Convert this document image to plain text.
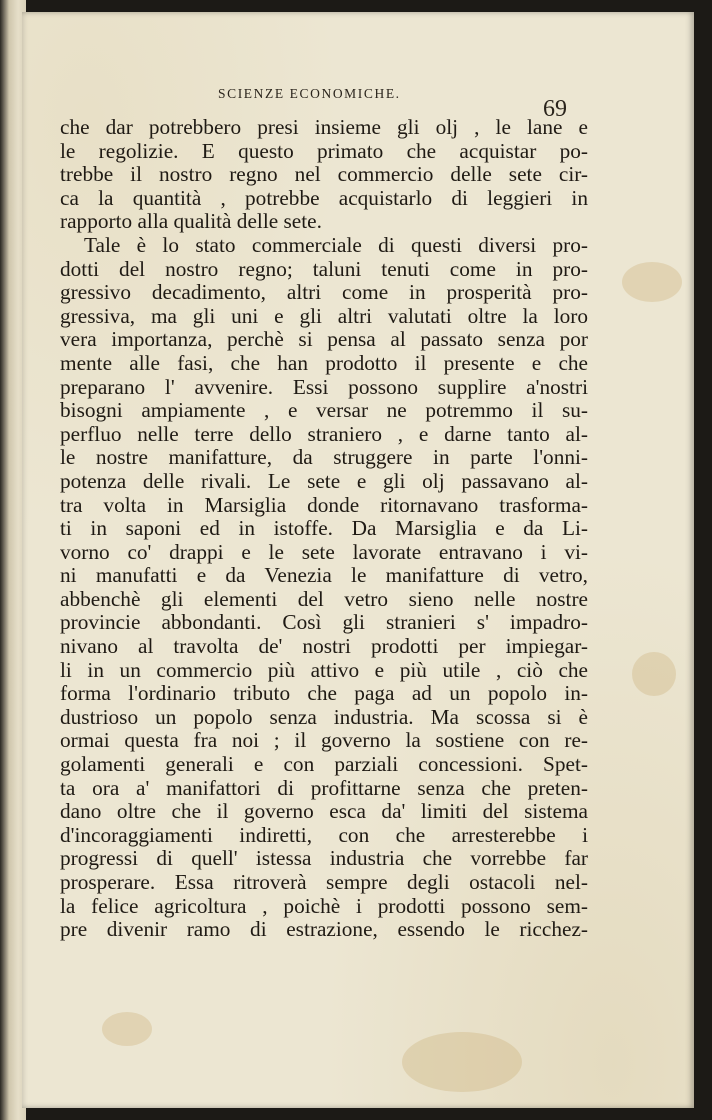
SCIENZE ECONOMICHE.
69
che dar potrebbero presi insieme gli olj , le lane e
le regolizie. E questo primato che acquistar po-
trebbe il nostro regno nel commercio delle sete cir-
ca la quantità , potrebbe acquistarlo di leggieri in
rapporto alla qualità delle sete.
Tale è lo stato commerciale di questi diversi pro-
dotti del nostro regno; taluni tenuti come in pro-
gressivo decadimento, altri come in prosperità pro-
gressiva, ma gli uni e gli altri valutati oltre la loro
vera importanza, perchè si pensa al passato senza por
mente alle fasi, che han prodotto il presente e che
preparano l' avvenire. Essi possono supplire a'nostri
bisogni ampiamente , e versar ne potremmo il su-
perfluo nelle terre dello straniero , e darne tanto al-
le nostre manifatture, da struggere in parte l'onni-
potenza delle rivali. Le sete e gli olj passavano al-
tra volta in Marsiglia donde ritornavano trasforma-
ti in saponi ed in istoffe. Da Marsiglia e da Li-
vorno co' drappi e le sete lavorate entravano i vi-
ni manufatti e da Venezia le manifatture di vetro,
abbenchè gli elementi del vetro sieno nelle nostre
provincie abbondanti. Così gli stranieri s' impadro-
nivano al travolta de' nostri prodotti per impiegar-
li in un commercio più attivo e più utile , ciò che
forma l'ordinario tributo che paga ad un popolo in-
dustrioso un popolo senza industria. Ma scossa si è
ormai questa fra noi ; il governo la sostiene con re-
golamenti generali e con parziali concessioni. Spet-
ta ora a' manifattori di profittarne senza che preten-
dano oltre che il governo esca da' limiti del sistema
d'incoraggiamenti indiretti, con che arresterebbe i
progressi di quell' istessa industria che vorrebbe far
prosperare. Essa ritroverà sempre degli ostacoli nel-
la felice agricoltura , poichè i prodotti possono sem-
pre divenir ramo di estrazione, essendo le ricchez-
